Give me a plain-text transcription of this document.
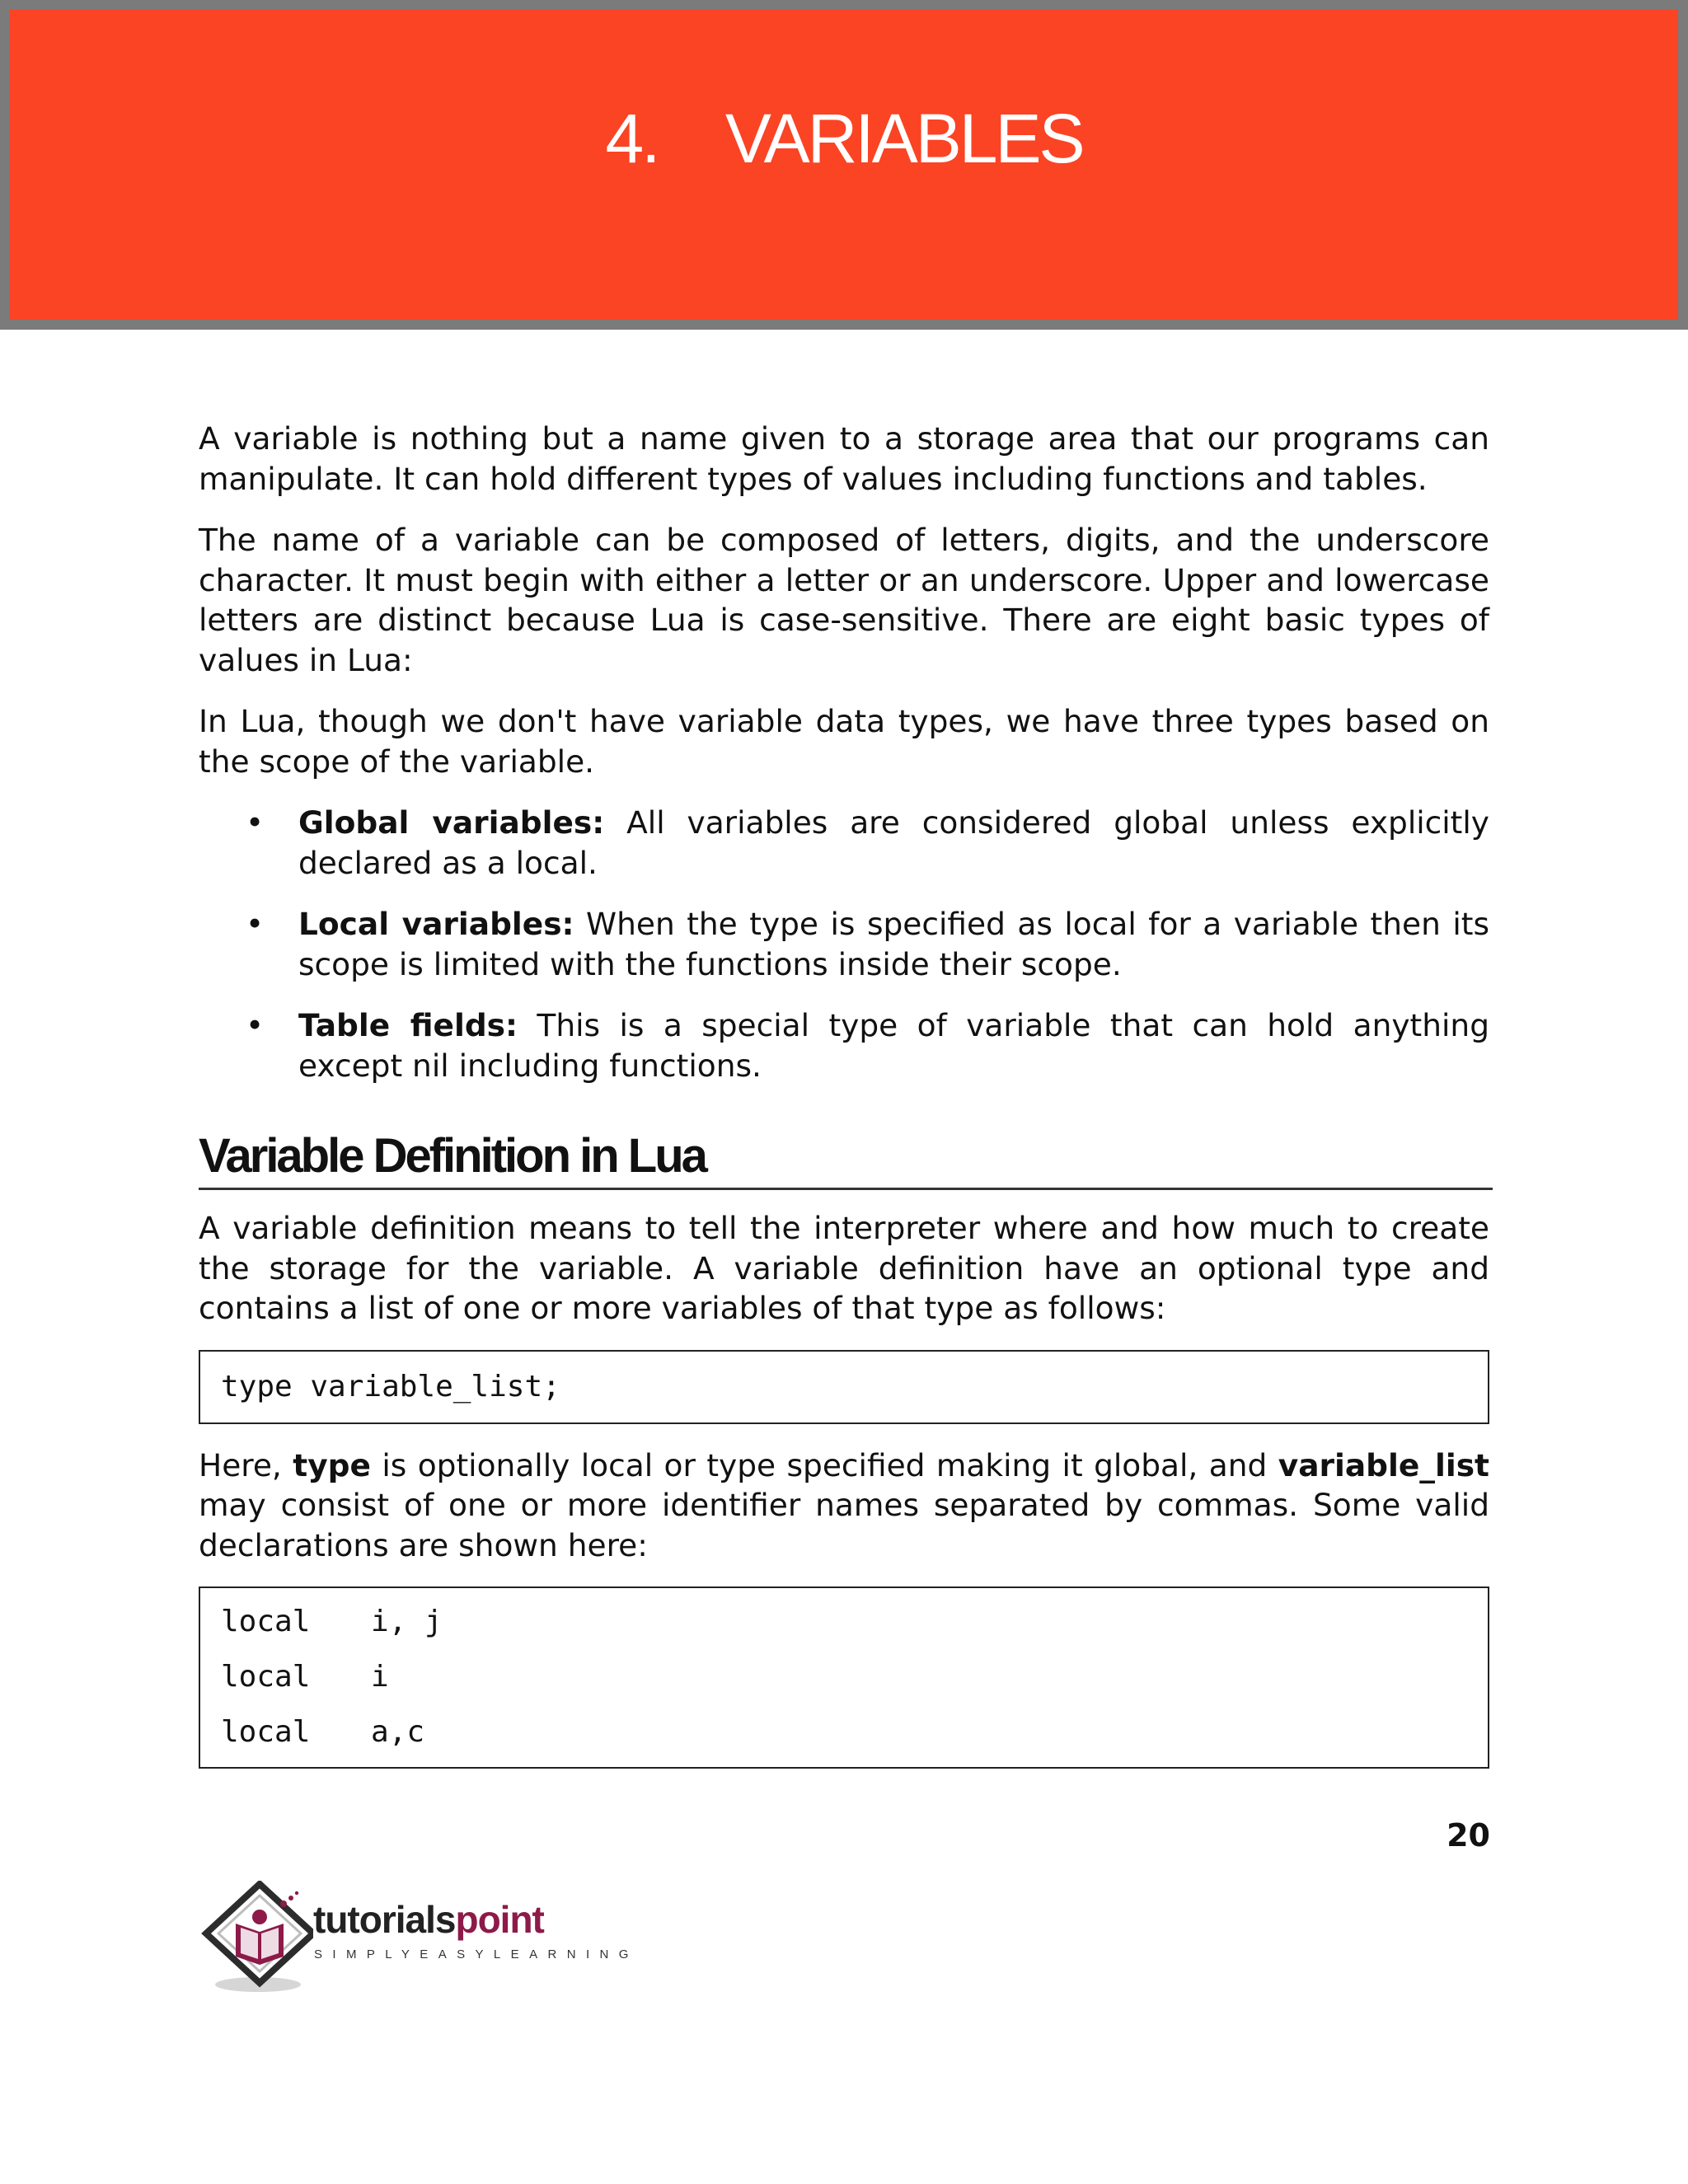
4.    VARIABLES

A variable is nothing but a name given to a storage area that our programs can manipulate. It can hold different types of values including functions and tables.

The name of a variable can be composed of letters, digits, and the underscore character. It must begin with either a letter or an underscore. Upper and lowercase letters are distinct because Lua is case-sensitive. There are eight basic types of values in Lua:

In Lua, though we don't have variable data types, we have three types based on the scope of the variable.

• Global variables: All variables are considered global unless explicitly declared as a local.
• Local variables: When the type is specified as local for a variable then its scope is limited with the functions inside their scope.
• Table fields: This is a special type of variable that can hold anything except nil including functions.
Variable Definition in Lua

A variable definition means to tell the interpreter where and how much to create the storage for the variable. A variable definition have an optional type and contains a list of one or more variables of that type as follows:

type variable_list;

Here, type is optionally local or type specified making it global, and variable_list may consist of one or more identifier names separated by commas. Some valid declarations are shown here:

local i, j
local i
local a,c
20
tutorialspoint
SIMPLYEASYLEARNING
